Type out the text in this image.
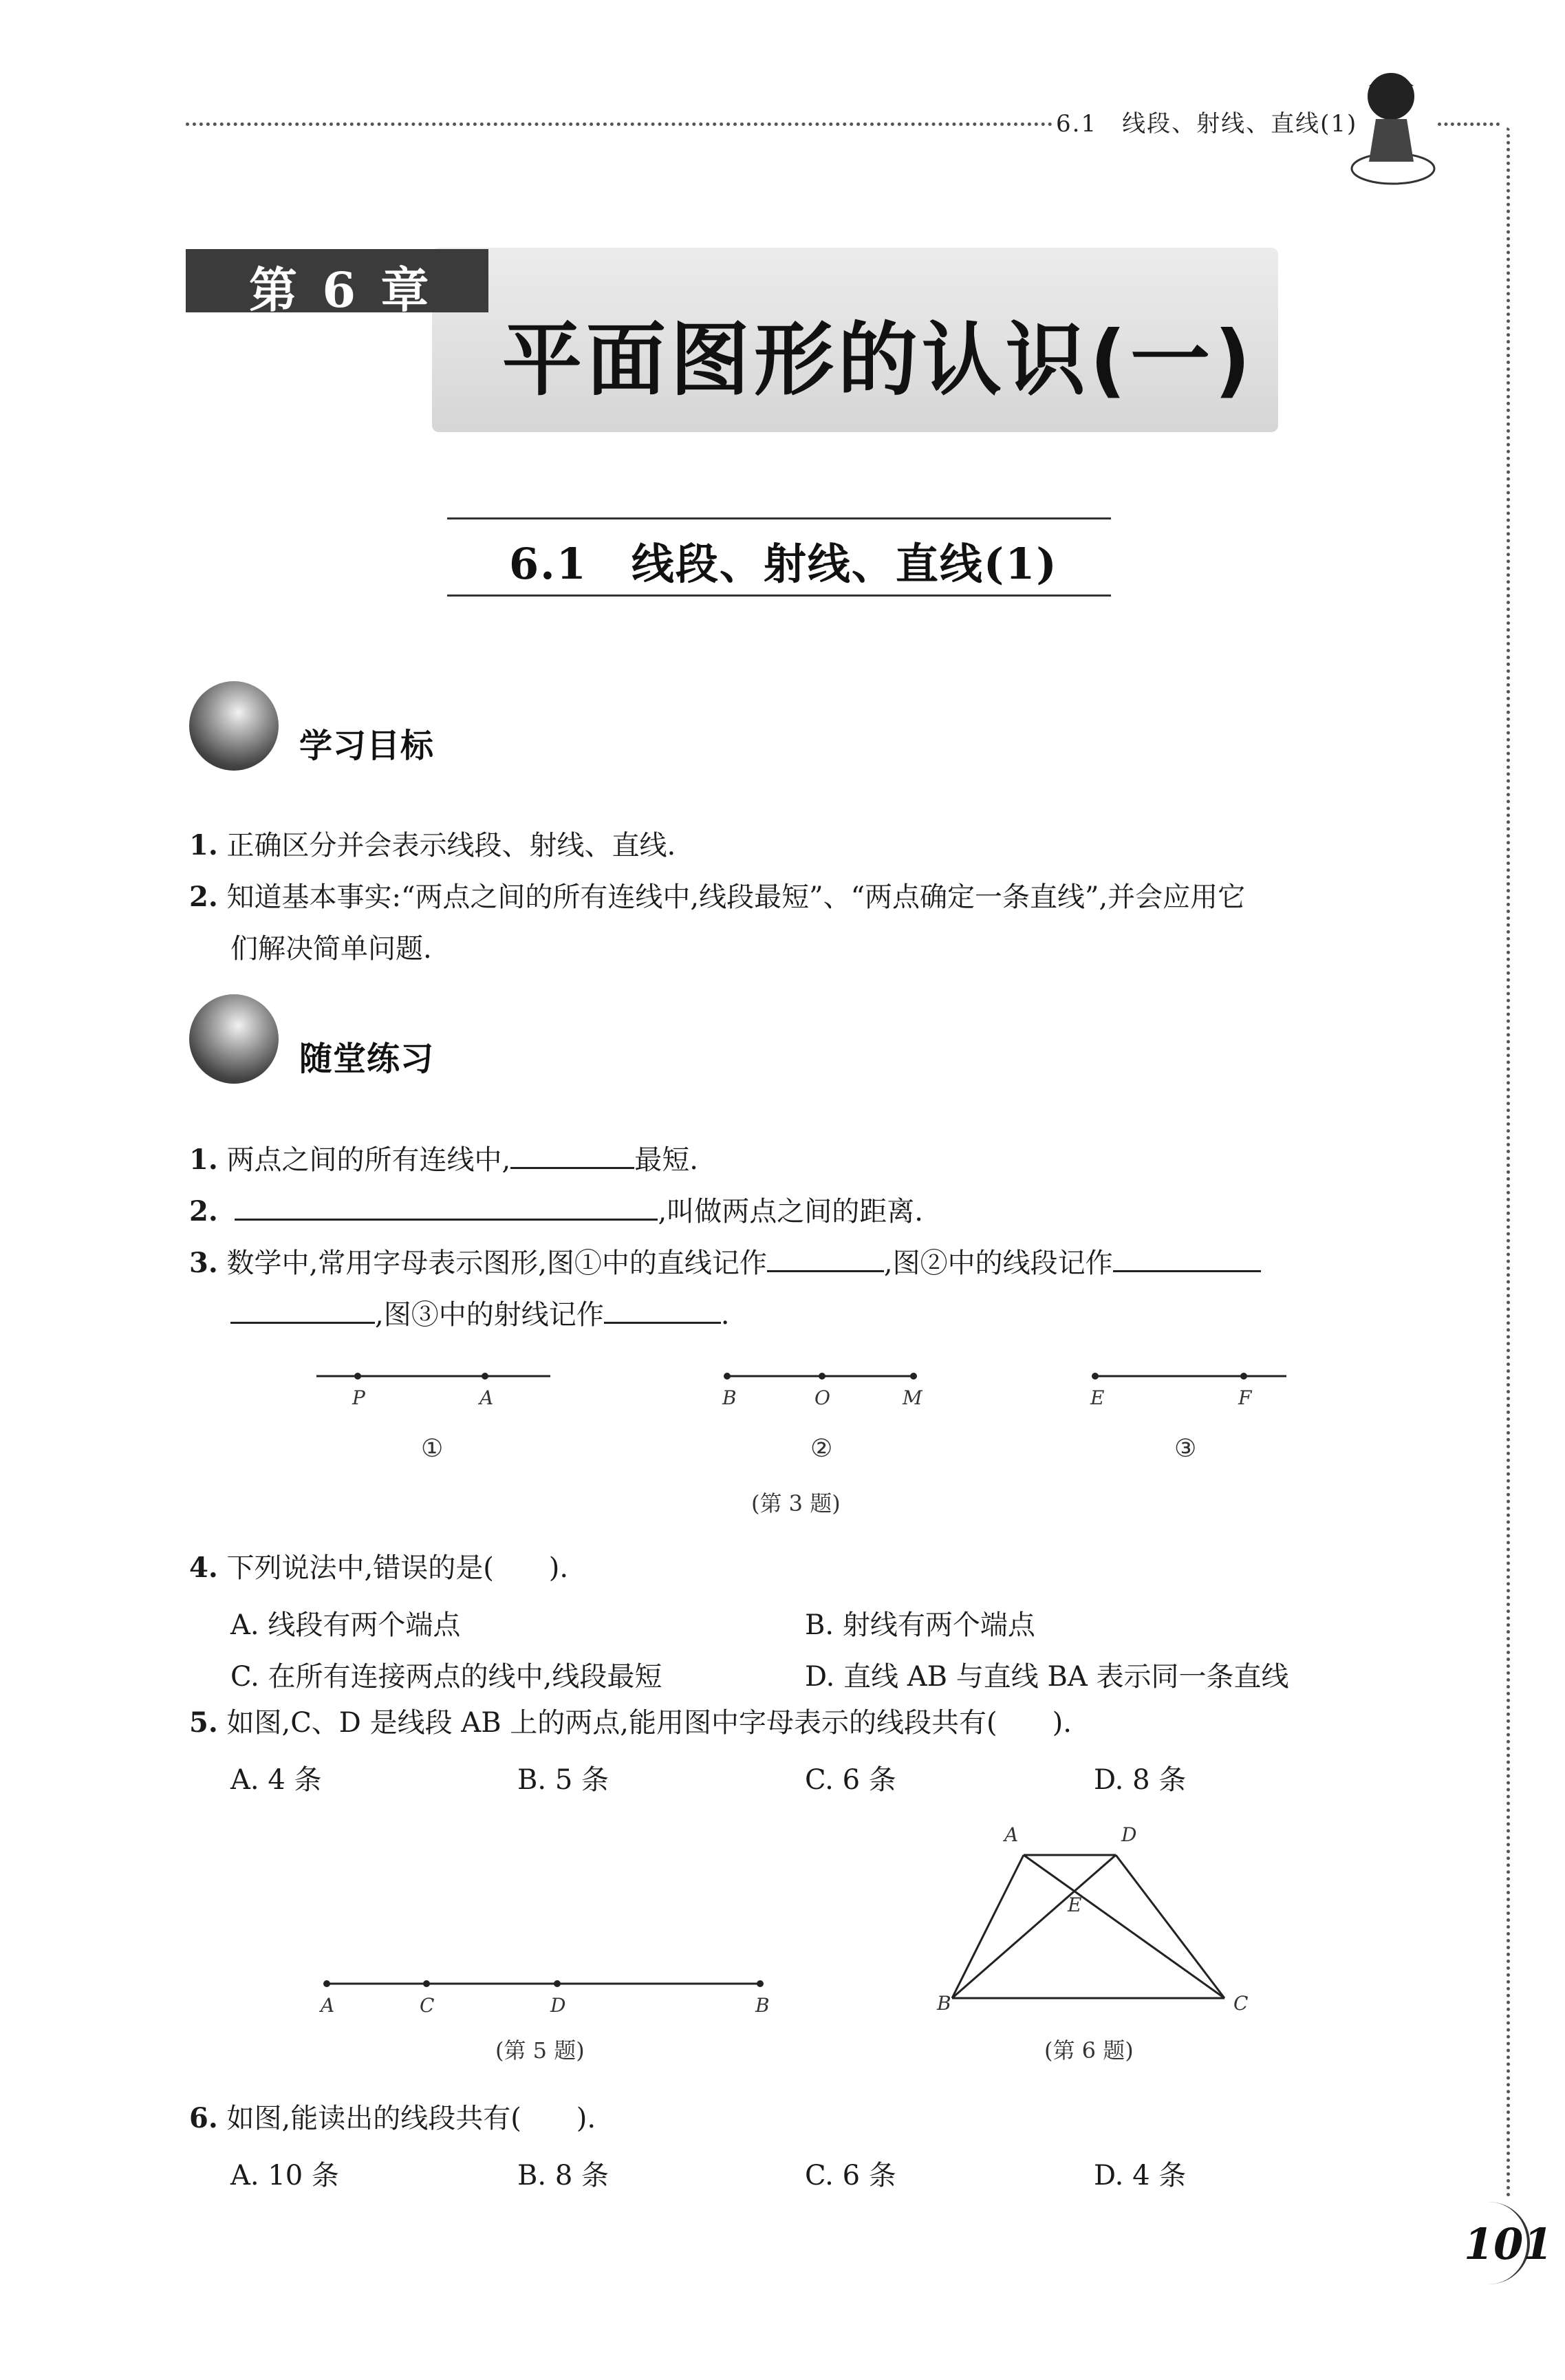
6.1　线段、射线、直线(1)
第 6 章
平面图形的认识(一)
6.1　线段、射线、直线(1)
学习目标
1. 正确区分并会表示线段、射线、直线.
2. 知道基本事实:“两点之间的所有连线中,线段最短”、“两点确定一条直线”,并会应用它
们解决简单问题.
随堂练习
1. 两点之间的所有连线中,	最短.
2.	,叫做两点之间的距离.
3. 数学中,常用字母表示图形,图①中的直线记作	,图②中的线段记作
,图③中的射线记作	.
P	A	B	O	M	E	F
①	②	③
(第 3 题)
4. 下列说法中,错误的是(　　).
A. 线段有两个端点	B. 射线有两个端点
C. 在所有连接两点的线中,线段最短	D. 直线 AB 与直线 BA 表示同一条直线
5. 如图,C、D 是线段 AB 上的两点,能用图中字母表示的线段共有(　　).
A. 4 条	B. 5 条	C. 6 条	D. 8 条
A	C	D	B
(第 5 题)
A	D
E
B	C
(第 6 题)
6. 如图,能读出的线段共有(　　).
A. 10 条	B. 8 条	C. 6 条	D. 4 条
101
